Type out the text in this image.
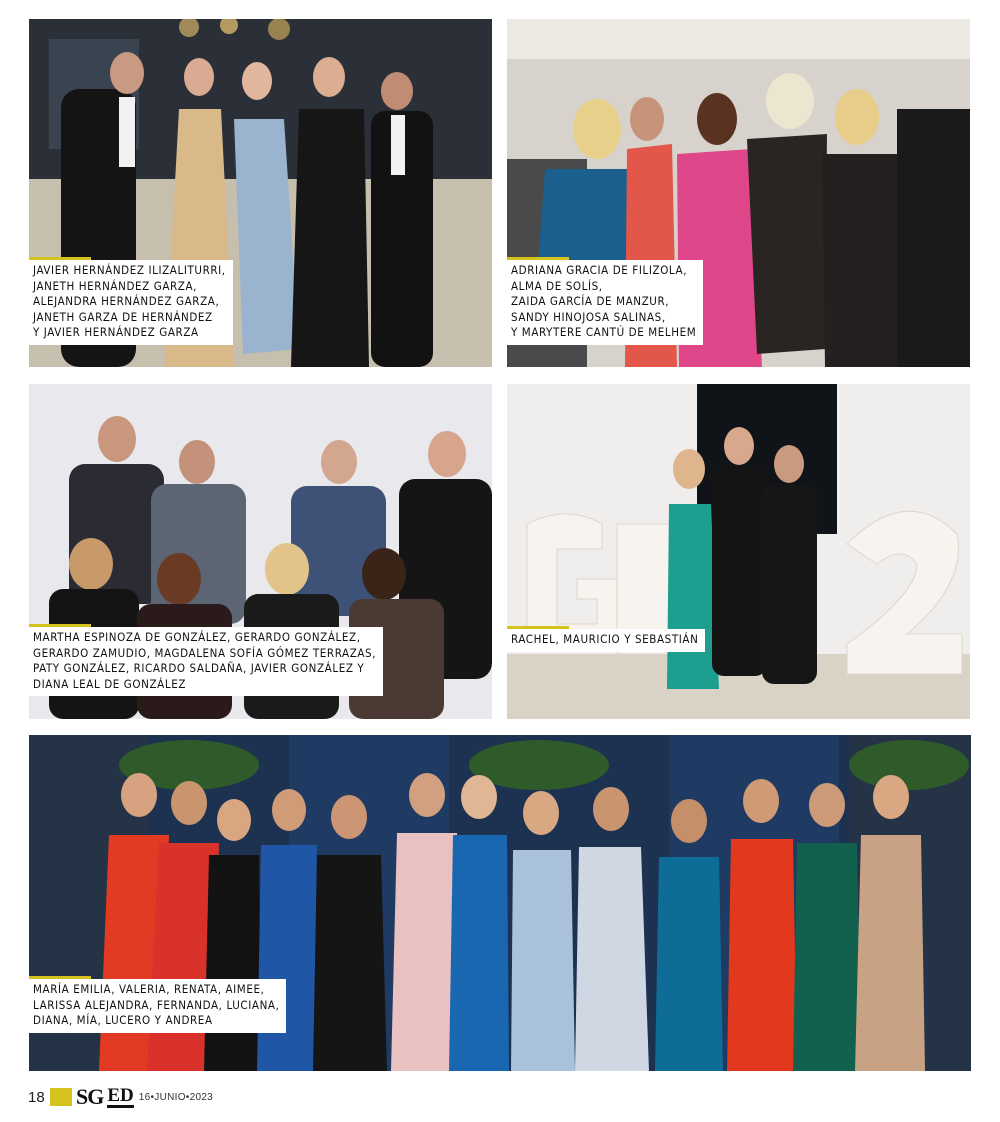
JAVIER HERNÁNDEZ ILIZALITURRI,
JANETH HERNÁNDEZ GARZA,
ALEJANDRA HERNÁNDEZ GARZA,
JANETH GARZA DE HERNÁNDEZ
Y JAVIER HERNÁNDEZ GARZA
ADRIANA GRACIA DE FILIZOLA,
ALMA DE SOLÍS,
ZAIDA GARCÍA DE MANZUR,
SANDY HINOJOSA SALINAS,
Y MARYTERE CANTÚ DE MELHEM
MARTHA ESPINOZA DE GONZÁLEZ, GERARDO GONZÁLEZ,
GERARDO ZAMUDIO, MAGDALENA SOFÍA GÓMEZ TERRAZAS,
PATY GONZÁLEZ, RICARDO SALDAÑA, JAVIER GONZÁLEZ Y
DIANA LEAL DE GONZÁLEZ
RACHEL, MAURICIO Y SEBASTIÁN
MARÍA EMILIA, VALERIA, RENATA, AIMEE,
LARISSA ALEJANDRA, FERNANDA, LUCIANA,
DIANA, MÍA, LUCERO Y ANDREA
18 SG ED 16•JUNIO•2023
